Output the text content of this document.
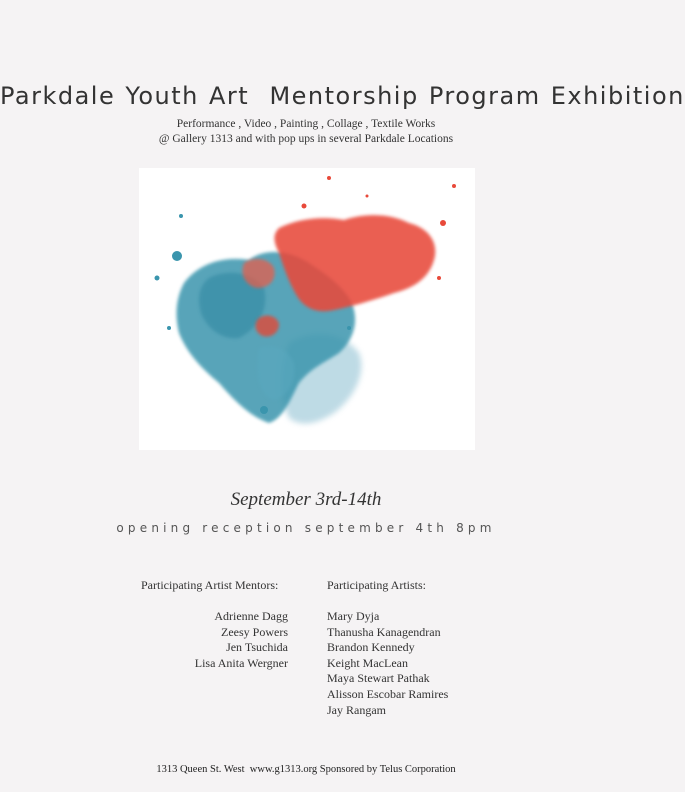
Parkdale Youth Art  Mentorship Program Exhibition
Performance , Video , Painting , Collage , Textile Works
@ Gallery 1313 and with pop ups in several Parkdale Locations
September 3rd-14th
opening reception september 4th 8pm
Participating Artist Mentors:	Participating Artists:
Adrienne Dagg
Zeesy Powers
Jen Tsuchida
Lisa Anita Wergner
Mary Dyja
Thanusha Kanagendran
Brandon Kennedy
Keight MacLean
Maya Stewart Pathak
Alisson Escobar Ramires
Jay Rangam
1313 Queen St. West  www.g1313.org Sponsored by Telus Corporation
